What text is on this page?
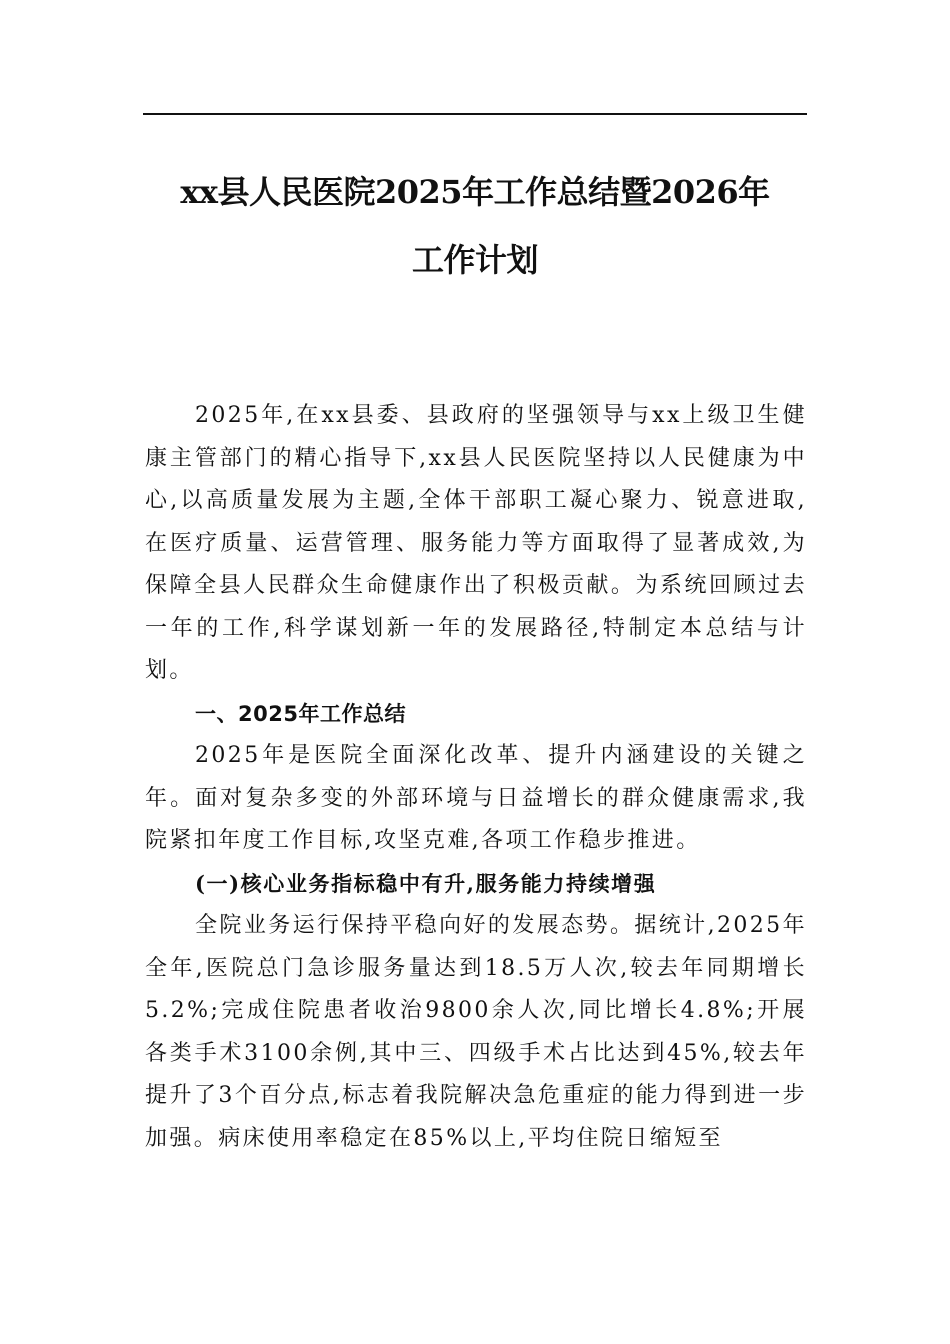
xx县人民医院2025年工作总结暨2026年
工作计划

2025年,在xx县委、县政府的坚强领导与xx上级卫生健康主管部门的精心指导下,xx县人民医院坚持以人民健康为中心,以高质量发展为主题,全体干部职工凝心聚力、锐意进取,在医疗质量、运营管理、服务能力等方面取得了显著成效,为保障全县人民群众生命健康作出了积极贡献。为系统回顾过去一年的工作,科学谋划新一年的发展路径,特制定本总结与计划。

一、2025年工作总结

2025年是医院全面深化改革、提升内涵建设的关键之年。面对复杂多变的外部环境与日益增长的群众健康需求,我院紧扣年度工作目标,攻坚克难,各项工作稳步推进。

(一)核心业务指标稳中有升,服务能力持续增强

全院业务运行保持平稳向好的发展态势。据统计,2025年全年,医院总门急诊服务量达到18.5万人次,较去年同期增长5.2%;完成住院患者收治9800余人次,同比增长4.8%;开展各类手术3100余例,其中三、四级手术占比达到45%,较去年提升了3个百分点,标志着我院解决急危重症的能力得到进一步加强。病床使用率稳定在85%以上,平均住院日缩短至
